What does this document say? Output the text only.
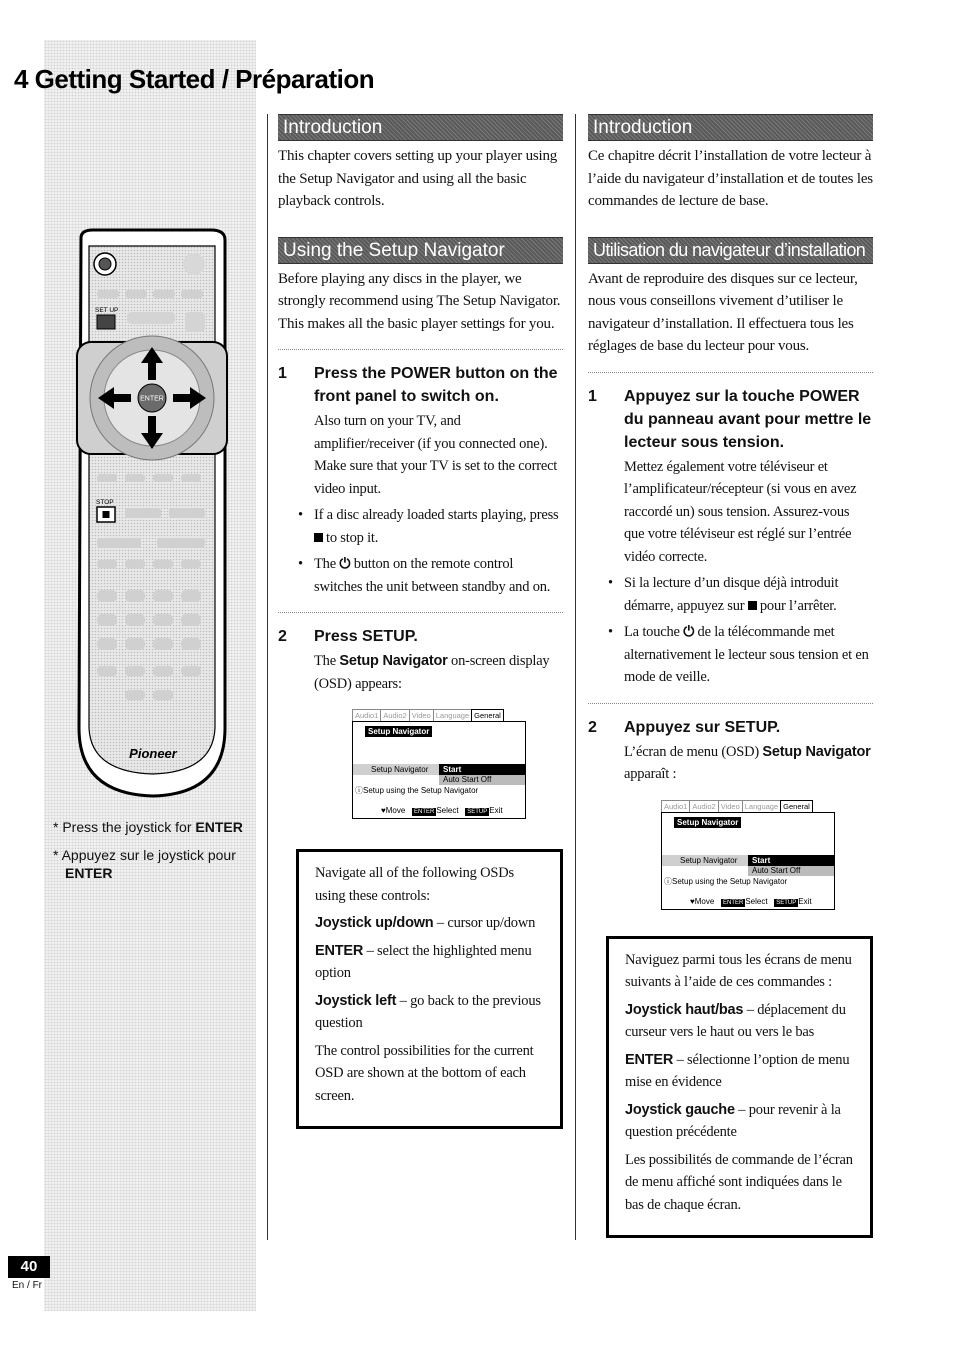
4 Getting Started / Préparation
SET UP
ENTER
STOP
Pioneer
* Press the joystick for ENTER
* Appuyez sur le joystick pour
ENTER
Introduction

This chapter covers setting up your player using the Setup Navigator and using all the basic playback controls.

Using the Setup Navigator

Before playing any discs in the player, we strongly recommend using The Setup Navigator. This makes all the basic player settings for you.

1	Press the POWER button on the front panel to switch on.

Also turn on your TV, and amplifier/receiver (if you connected one). Make sure that your TV is set to the correct video input.

• If a disc already loaded starts playing, press
to stop it.
• The ⏻ button on the remote control switches the unit between standby and on.
2	Press SETUP.

The Setup Navigator on-screen display (OSD) appears:

Audio1 Audio2 Video Language General
Setup Navigator
Setup Navigator	Start
Auto Start Off
ⓘSetup using the Setup Navigator
♥Move ENTER Select SETUP Exit

Navigate all of the following OSDs using these controls:

Joystick up/down – cursor up/down

ENTER – select the highlighted menu option

Joystick left – go back to the previous question

The control possibilities for the current OSD are shown at the bottom of each screen.

Introduction

Ce chapitre décrit l’installation de votre lecteur à l’aide du navigateur d’installation et de toutes les commandes de lecture de base.

Utilisation du navigateur d’installation

Avant de reproduire des disques sur ce lecteur, nous vous conseillons vivement d’utiliser le navigateur d’installation. Il effectuera tous les réglages de base du lecteur pour vous.

1	Appuyez sur la touche POWER du panneau avant pour mettre le lecteur sous tension.

Mettez également votre téléviseur et l’amplificateur/récepteur (si vous en avez raccordé un) sous tension. Assurez-vous que votre téléviseur est réglé sur l’entrée vidéo correcte.

• Si la lecture d’un disque déjà introduit démarre, appuyez sur pour l’arrêter.
• La touche ⏻ de la télécommande met alternativement le lecteur sous tension et en mode de veille.
2	Appuyez sur SETUP.

L’écran de menu (OSD) Setup Navigator apparaît :

Audio1 Audio2 Video Language General
Setup Navigator
Setup Navigator	Start
Auto Start Off
ⓘSetup using the Setup Navigator
♥Move ENTER Select SETUP Exit

Naviguez parmi tous les écrans de menu suivants à l’aide de ces commandes :

Joystick haut/bas – déplacement du curseur vers le haut ou vers le bas

ENTER – sélectionne l’option de menu mise en évidence

Joystick gauche – pour revenir à la question précédente

Les possibilités de commande de l’écran de menu affiché sont indiquées dans le bas de chaque écran.

40
En / Fr
